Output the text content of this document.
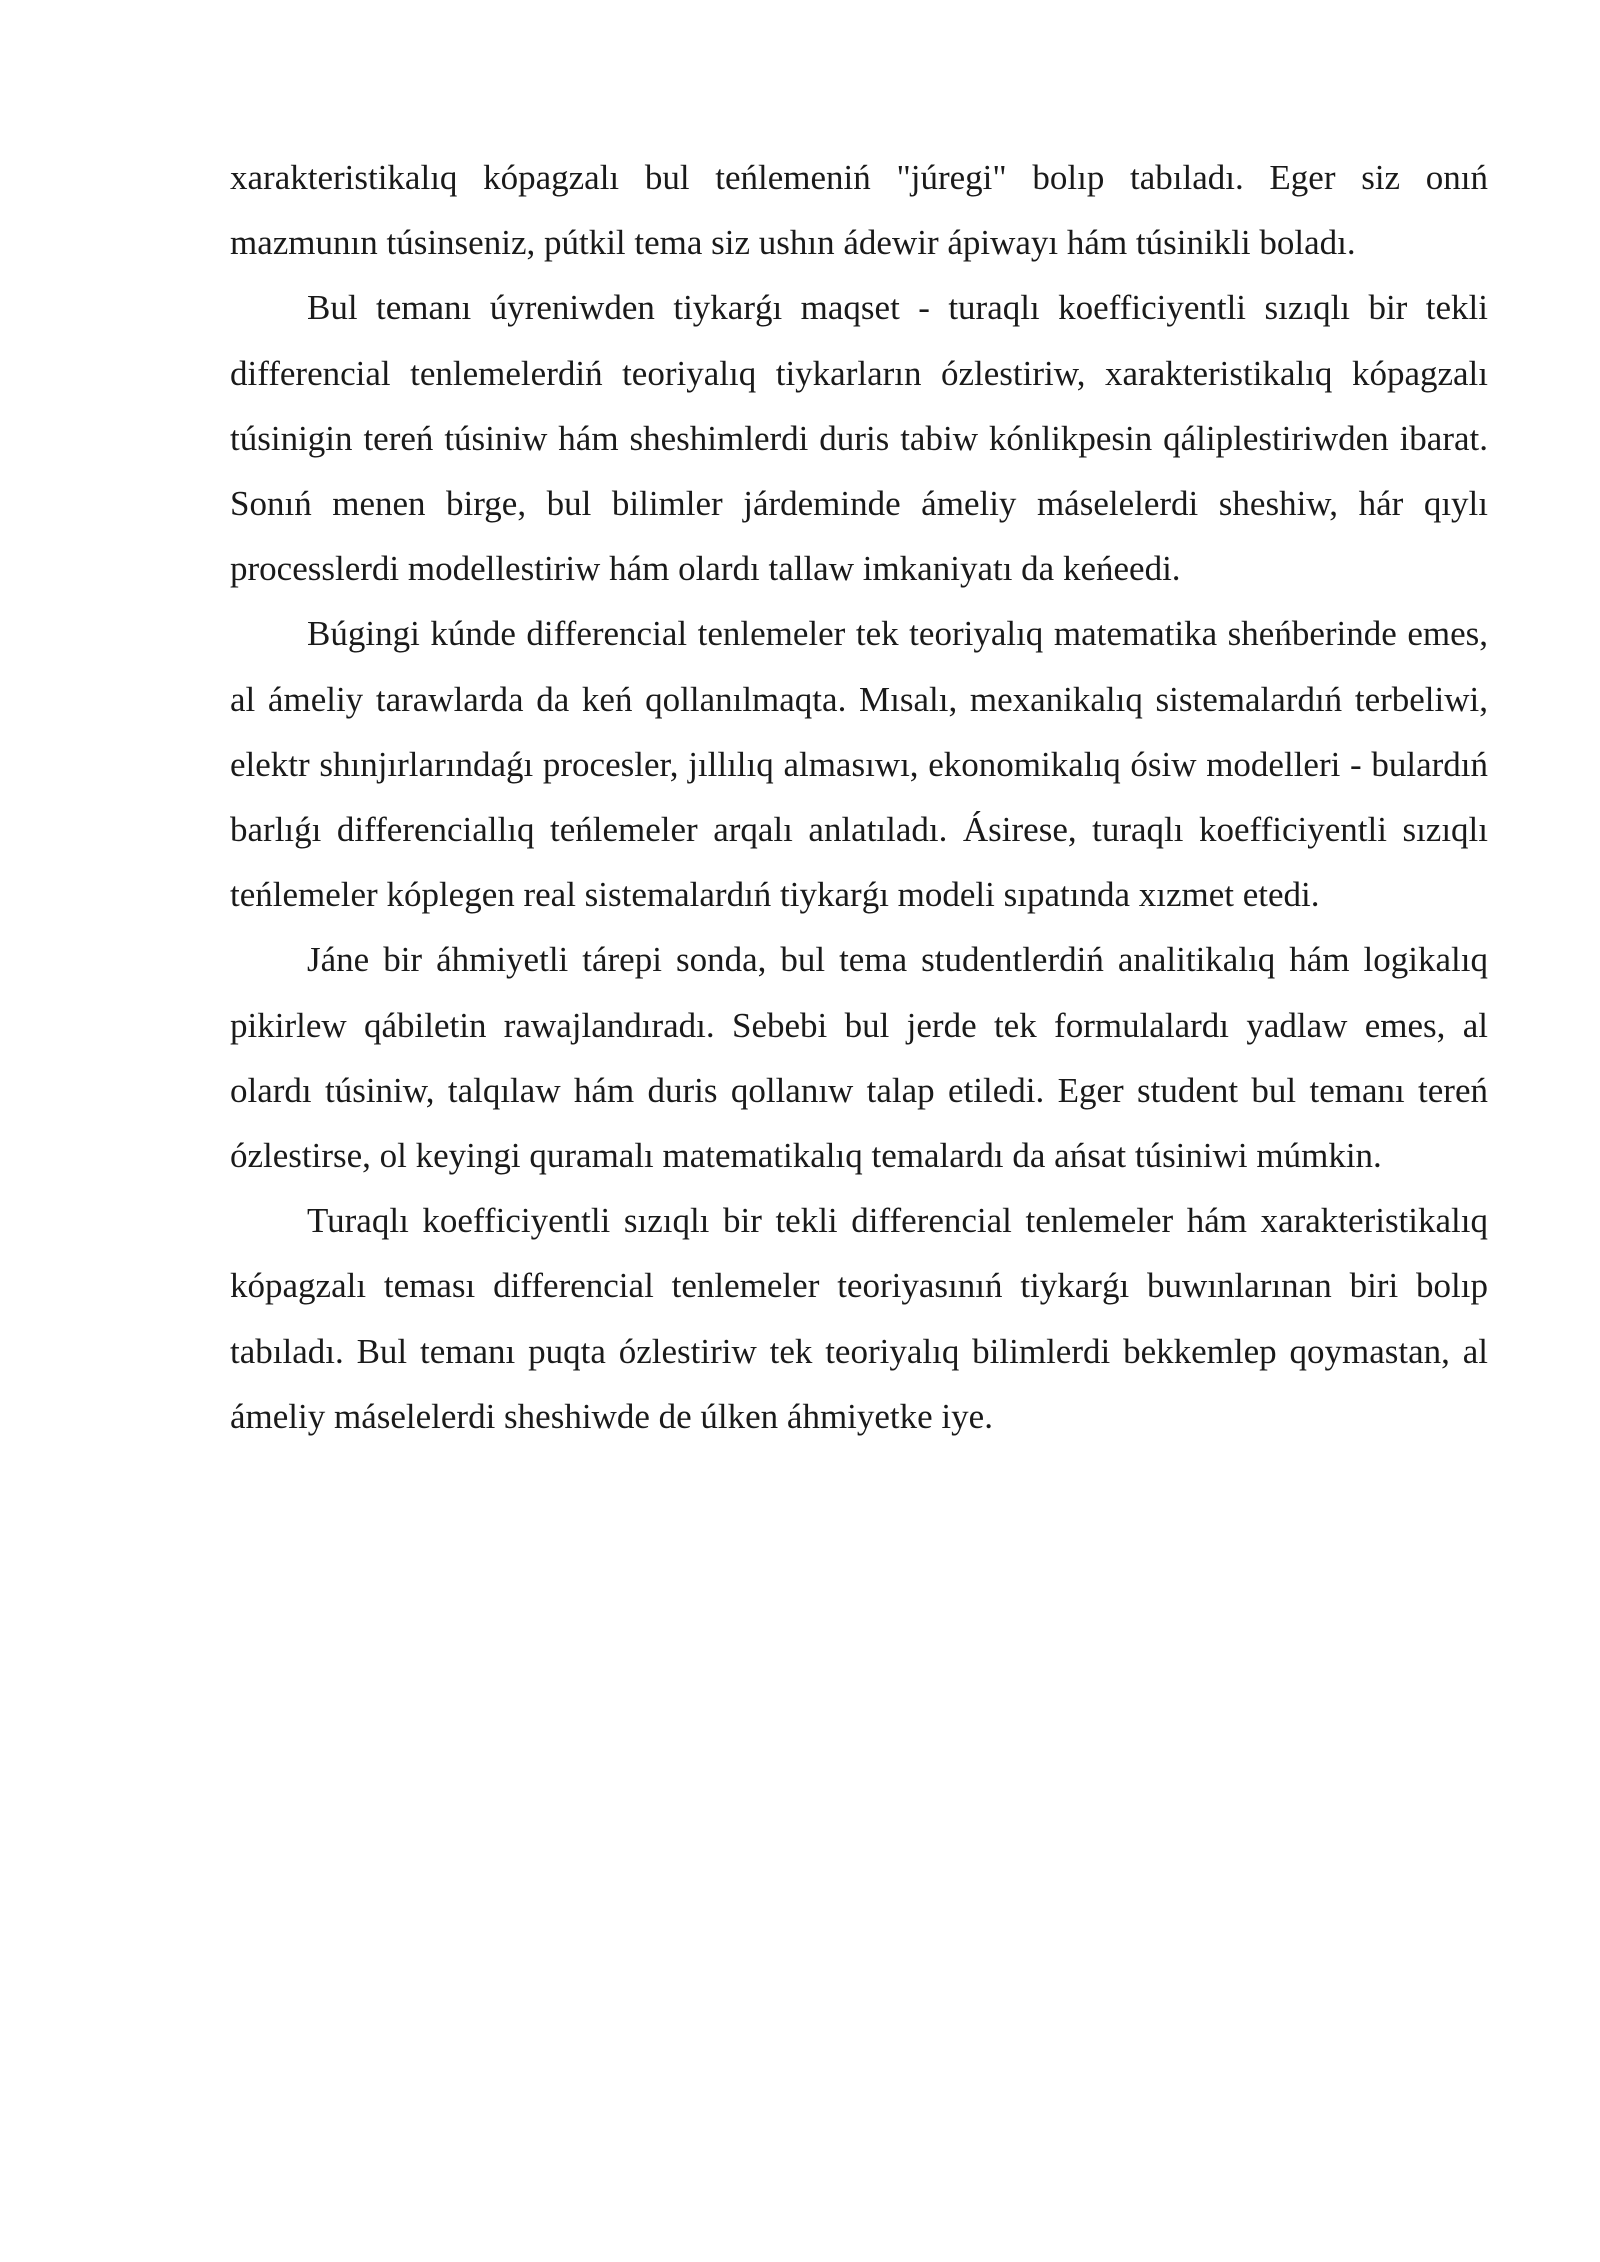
xarakteristikalıq kópagzalı bul teńlemeniń "júregi" bolıp tabıladı. Eger siz onıń mazmunın túsinseniz, pútkil tema siz ushın ádewir ápiwayı hám túsinikli boladı.

Bul temanı úyreniwden tiykarǵı maqset - turaqlı koefficiyentli sızıqlı bir tekli differencial tenlemelerdiń teoriyalıq tiykarların ózlestiriw, xarakteristikalıq kópagzalı túsinigin tereń túsiniw hám sheshimlerdi duris tabiw kónlikpesin qáliplestiriwden ibarat. Sonıń menen birge, bul bilimler járdeminde ámeliy máselelerdi sheshiw, hár qıylı processlerdi modellestiriw hám olardı tallaw imkaniyatı da keńeedi.

Búgingi kúnde differencial tenlemeler tek teoriyalıq matematika sheńberinde emes, al ámeliy tarawlarda da keń qollanılmaqta. Mısalı, mexanikalıq sistemalardıń terbeliwi, elektr shınjırlarındaǵı procesler, jıllılıq almasıwı, ekonomikalıq ósiw modelleri - bulardıń barlıǵı differenciallıq teńlemeler arqalı anlatıladı. Ásirese, turaqlı koefficiyentli sızıqlı teńlemeler kóplegen real sistemalardıń tiykarǵı modeli sıpatında xızmet etedi.

Jáne bir áhmiyetli tárepi sonda, bul tema studentlerdiń analitikalıq hám logikalıq pikirlew qábiletin rawajlandıradı. Sebebi bul jerde tek formulalardı yadlaw emes, al olardı túsiniw, talqılaw hám duris qollanıw talap etiledi. Eger student bul temanı tereń ózlestirse, ol keyingi quramalı matematikalıq temalardı da ańsat túsiniwi múmkin.

Turaqlı koefficiyentli sızıqlı bir tekli differencial tenlemeler hám xarakteristikalıq kópagzalı teması differencial tenlemeler teoriyasınıń tiykarǵı buwınlarınan biri bolıp tabıladı. Bul temanı puqta ózlestiriw tek teoriyalıq bilimlerdi bekkemlep qoymastan, al ámeliy máselelerdi sheshiwde de úlken áhmiyetke iye.
